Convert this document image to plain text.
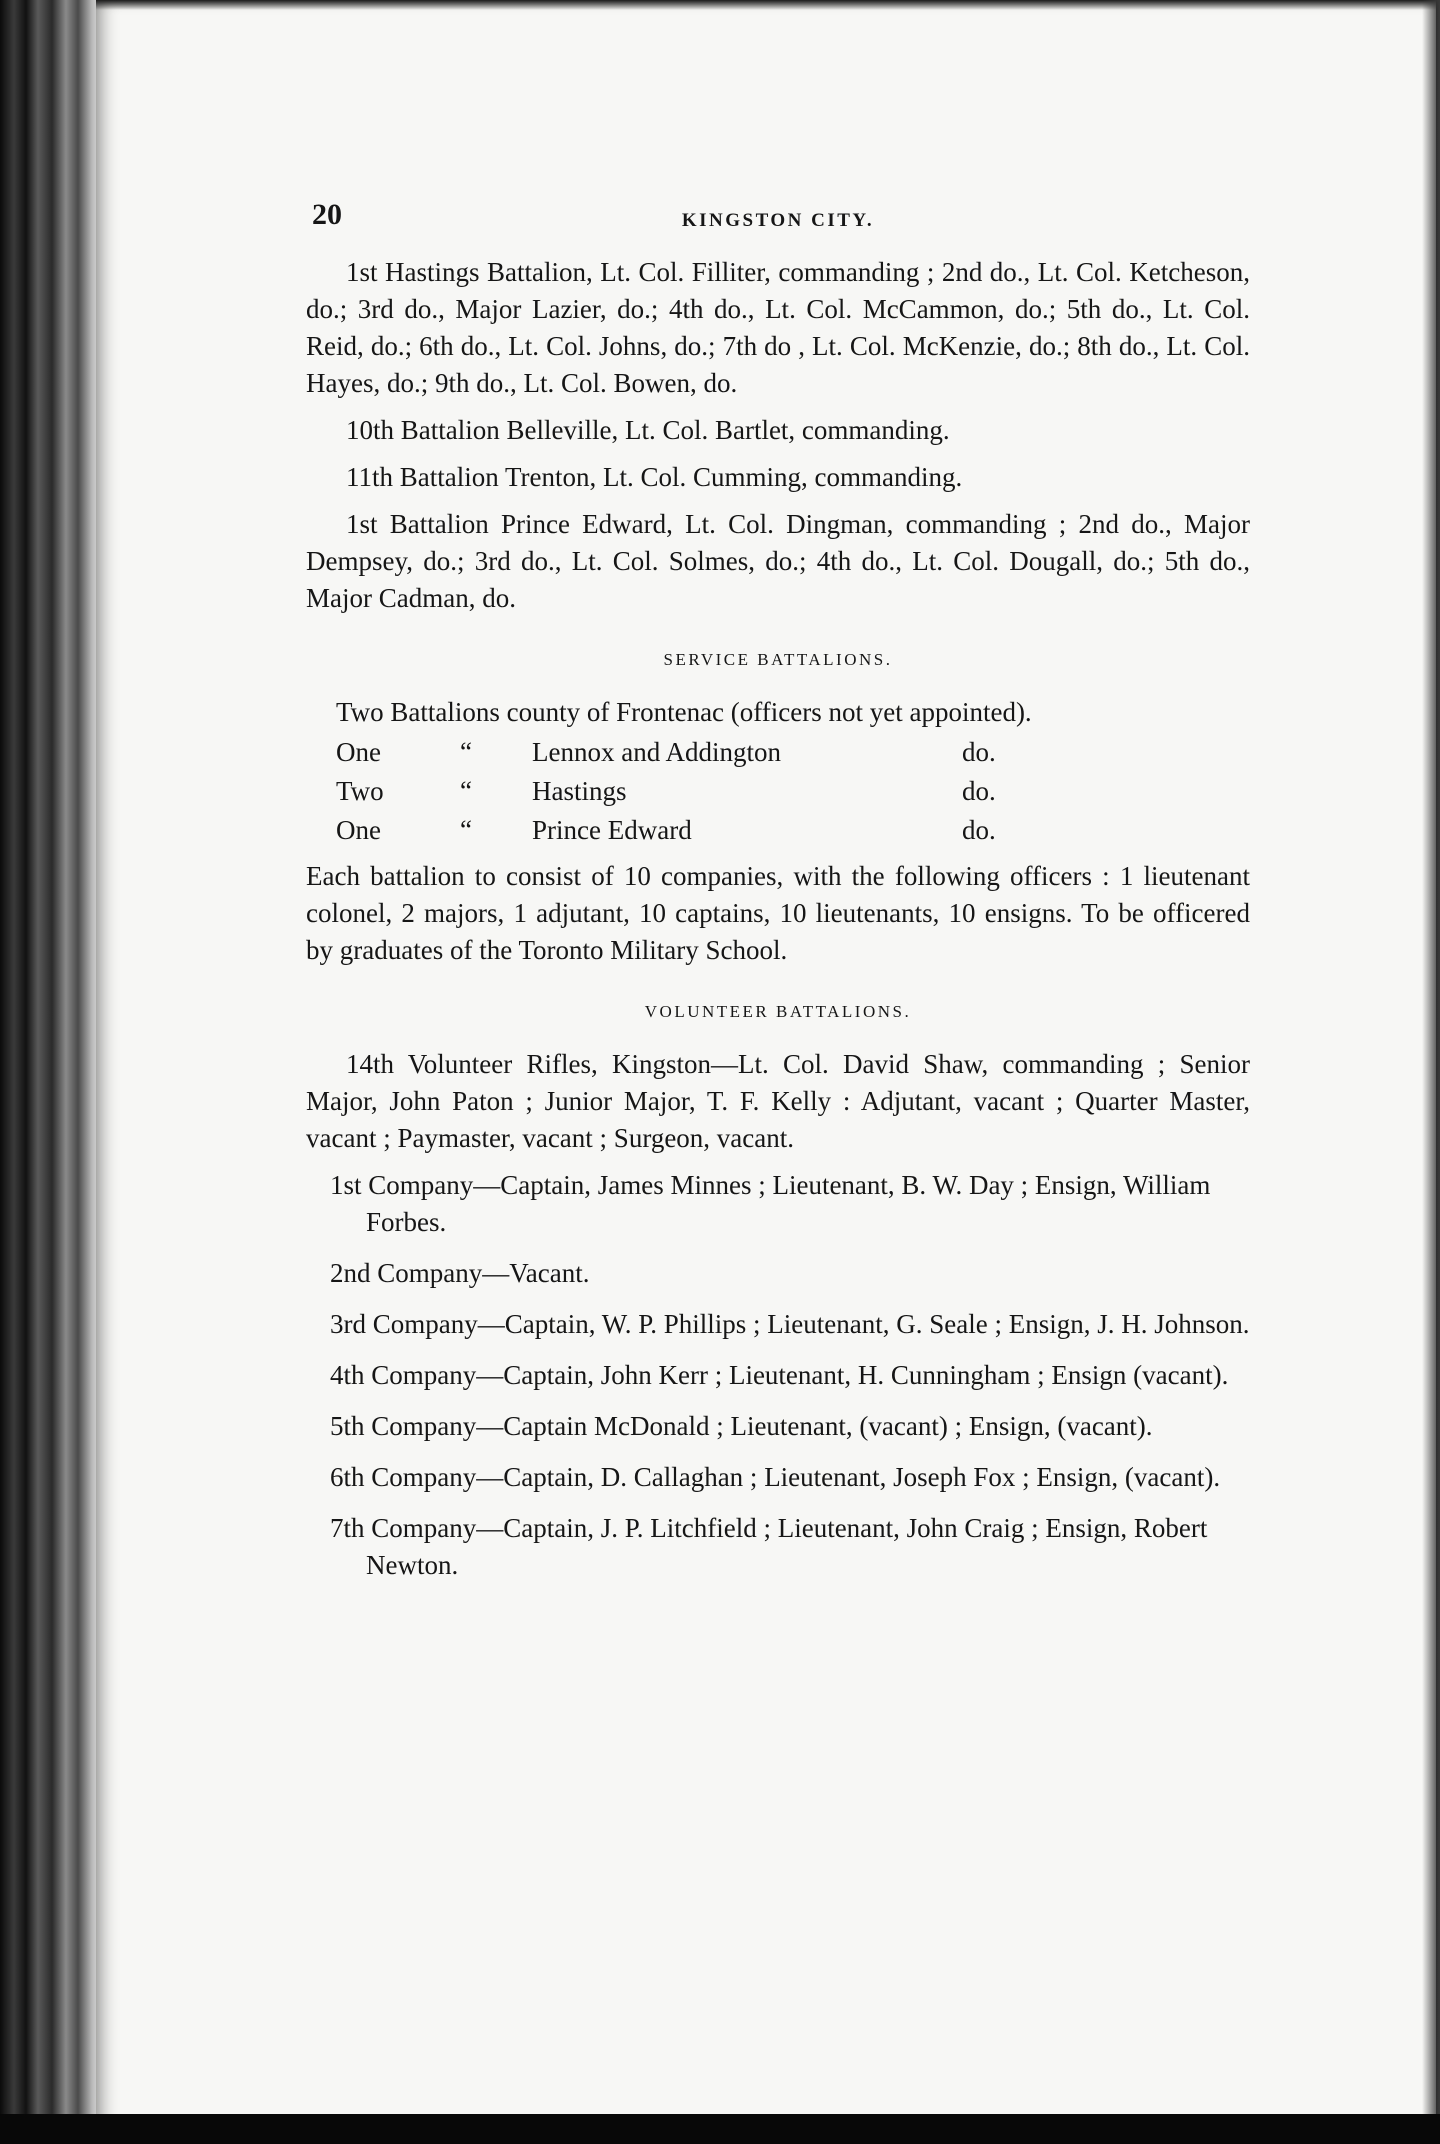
20	KINGSTON CITY.

1st Hastings Battalion, Lt. Col. Filliter, commanding ; 2nd do., Lt. Col. Ketcheson, do.; 3rd do., Major Lazier, do.; 4th do., Lt. Col. McCammon, do.; 5th do., Lt. Col. Reid, do.; 6th do., Lt. Col. Johns, do.; 7th do , Lt. Col. McKenzie, do.; 8th do., Lt. Col. Hayes, do.; 9th do., Lt. Col. Bowen, do.

10th Battalion Belleville, Lt. Col. Bartlet, commanding.

11th Battalion Trenton, Lt. Col. Cumming, commanding.

1st Battalion Prince Edward, Lt. Col. Dingman, commanding ; 2nd do., Major Dempsey, do.; 3rd do., Lt. Col. Solmes, do.; 4th do., Lt. Col. Dougall, do.; 5th do., Major Cadman, do.

SERVICE BATTALIONS.

Two Battalions county of Frontenac (officers not yet appointed).

One	“	Lennox and Addington	do.
Two	“	Hastings	do.
One	“	Prince Edward	do.

Each battalion to consist of 10 companies, with the following officers : 1 lieutenant colonel, 2 majors, 1 adjutant, 10 captains, 10 lieutenants, 10 ensigns. To be officered by graduates of the Toronto Military School.

VOLUNTEER BATTALIONS.

14th Volunteer Rifles, Kingston—Lt. Col. David Shaw, commanding ; Senior Major, John Paton ; Junior Major, T. F. Kelly : Adjutant, vacant ; Quarter Master, vacant ; Paymaster, vacant ; Surgeon, vacant.

1st Company—Captain, James Minnes ; Lieutenant, B. W. Day ; Ensign, William Forbes.

2nd Company—Vacant.

3rd Company—Captain, W. P. Phillips ; Lieutenant, G. Seale ; Ensign, J. H. Johnson.

4th Company—Captain, John Kerr ; Lieutenant, H. Cunningham ; Ensign (vacant).

5th Company—Captain McDonald ; Lieutenant, (vacant) ; Ensign, (vacant).

6th Company—Captain, D. Callaghan ; Lieutenant, Joseph Fox ; Ensign, (vacant).

7th Company—Captain, J. P. Litchfield ; Lieutenant, John Craig ; Ensign, Robert Newton.
